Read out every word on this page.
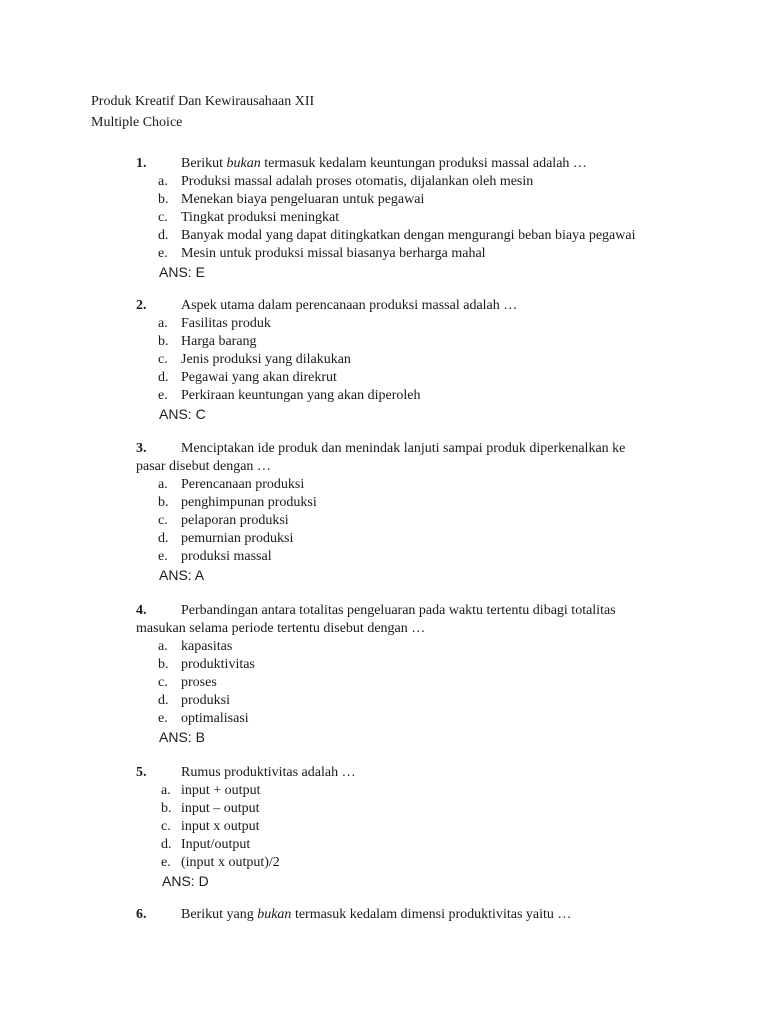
Produk Kreatif Dan Kewirausahaan XII
Multiple Choice
1. Berikut bukan termasuk kedalam keuntungan produksi massal adalah …
a. Produksi massal adalah proses otomatis, dijalankan oleh mesin
b. Menekan biaya pengeluaran untuk pegawai
c. Tingkat produksi meningkat
d. Banyak modal yang dapat ditingkatkan dengan mengurangi beban biaya pegawai
e. Mesin untuk produksi missal biasanya berharga mahal
ANS: E
2. Aspek utama dalam perencanaan produksi massal adalah …
a. Fasilitas produk
b. Harga barang
c. Jenis produksi yang dilakukan
d. Pegawai yang akan direkrut
e. Perkiraan keuntungan yang akan diperoleh
ANS: C
3. Menciptakan ide produk dan menindak lanjuti sampai produk diperkenalkan ke
pasar disebut dengan …
a. Perencanaan produksi
b. penghimpunan produksi
c. pelaporan produksi
d. pemurnian produksi
e. produksi massal
ANS: A
4. Perbandingan antara totalitas pengeluaran pada waktu tertentu dibagi totalitas
masukan selama periode tertentu disebut dengan …
a. kapasitas
b. produktivitas
c. proses
d. produksi
e. optimalisasi
ANS: B
5. Rumus produktivitas adalah …
a. input + output
b. input – output
c. input x output
d. Input/output
e. (input x output)/2
ANS: D
6. Berikut yang bukan termasuk kedalam dimensi produktivitas yaitu …
